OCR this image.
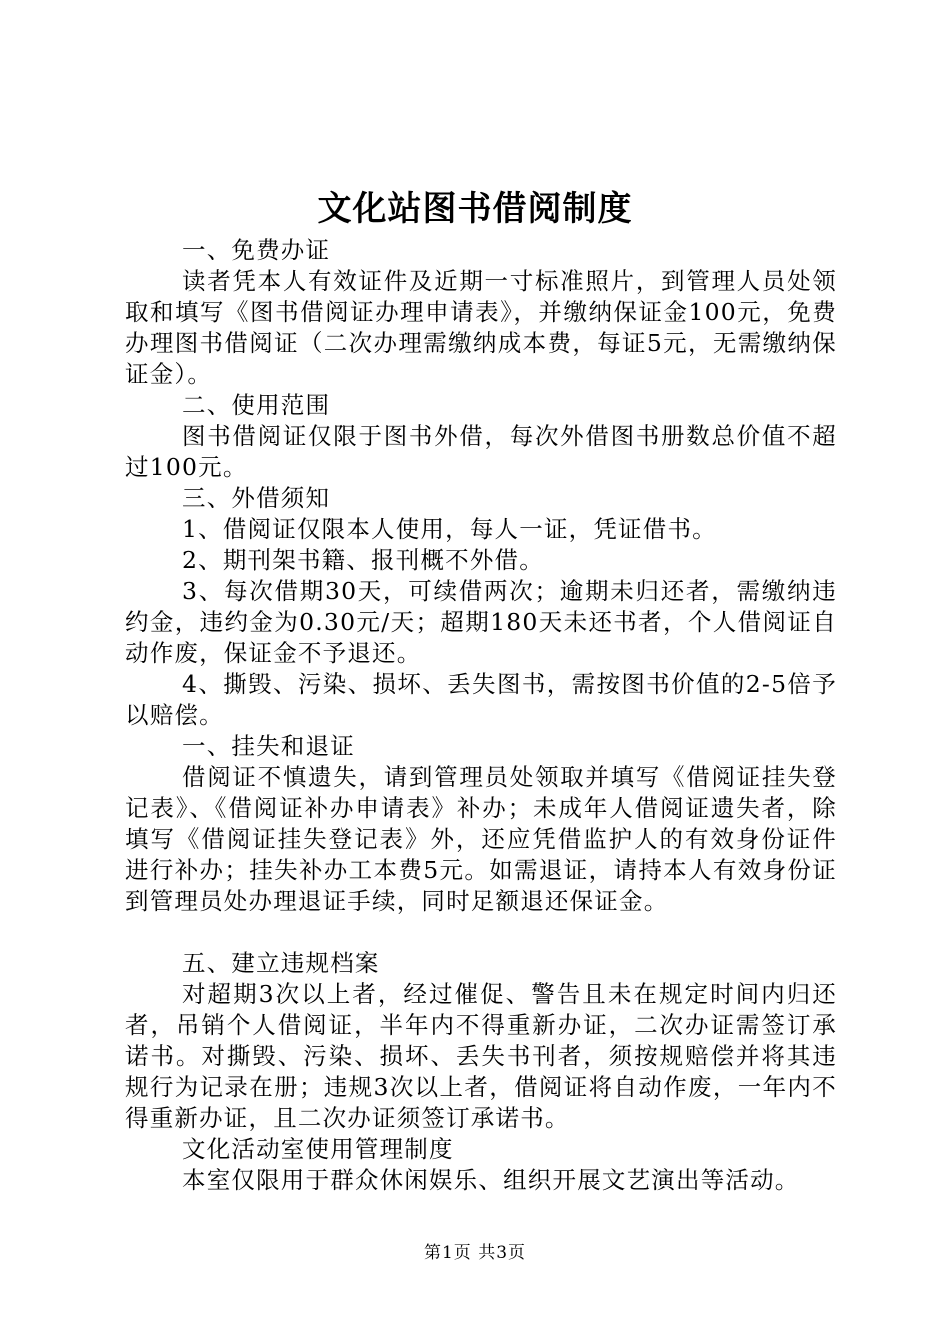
文化站图书借阅制度

一、免费办证

读者凭本人有效证件及近期一寸标准照片，到管理人员处领取和填写《图书借阅证办理申请表》，并缴纳保证金100元，免费办理图书借阅证（二次办理需缴纳成本费，每证5元，无需缴纳保证金）。

二、使用范围

图书借阅证仅限于图书外借，每次外借图书册数总价值不超过100元。

三、外借须知

1、借阅证仅限本人使用，每人一证，凭证借书。

2、期刊架书籍、报刊概不外借。

3、每次借期30天，可续借两次；逾期未归还者，需缴纳违约金，违约金为0.30元/天；超期180天未还书者，个人借阅证自动作废，保证金不予退还。

4、撕毁、污染、损坏、丢失图书，需按图书价值的2-5倍予以赔偿。

一、挂失和退证

借阅证不慎遗失，请到管理员处领取并填写《借阅证挂失登记表》、《借阅证补办申请表》补办；未成年人借阅证遗失者，除填写《借阅证挂失登记表》外，还应凭借监护人的有效身份证件进行补办；挂失补办工本费5元。如需退证，请持本人有效身份证到管理员处办理退证手续，同时足额退还保证金。

五、建立违规档案

对超期3次以上者，经过催促、警告且未在规定时间内归还者，吊销个人借阅证，半年内不得重新办证，二次办证需签订承诺书。对撕毁、污染、损坏、丢失书刊者，须按规赔偿并将其违规行为记录在册；违规3次以上者，借阅证将自动作废，一年内不得重新办证，且二次办证须签订承诺书。

文化活动室使用管理制度

本室仅限用于群众休闲娱乐、组织开展文艺演出等活动。

第1页 共3页
